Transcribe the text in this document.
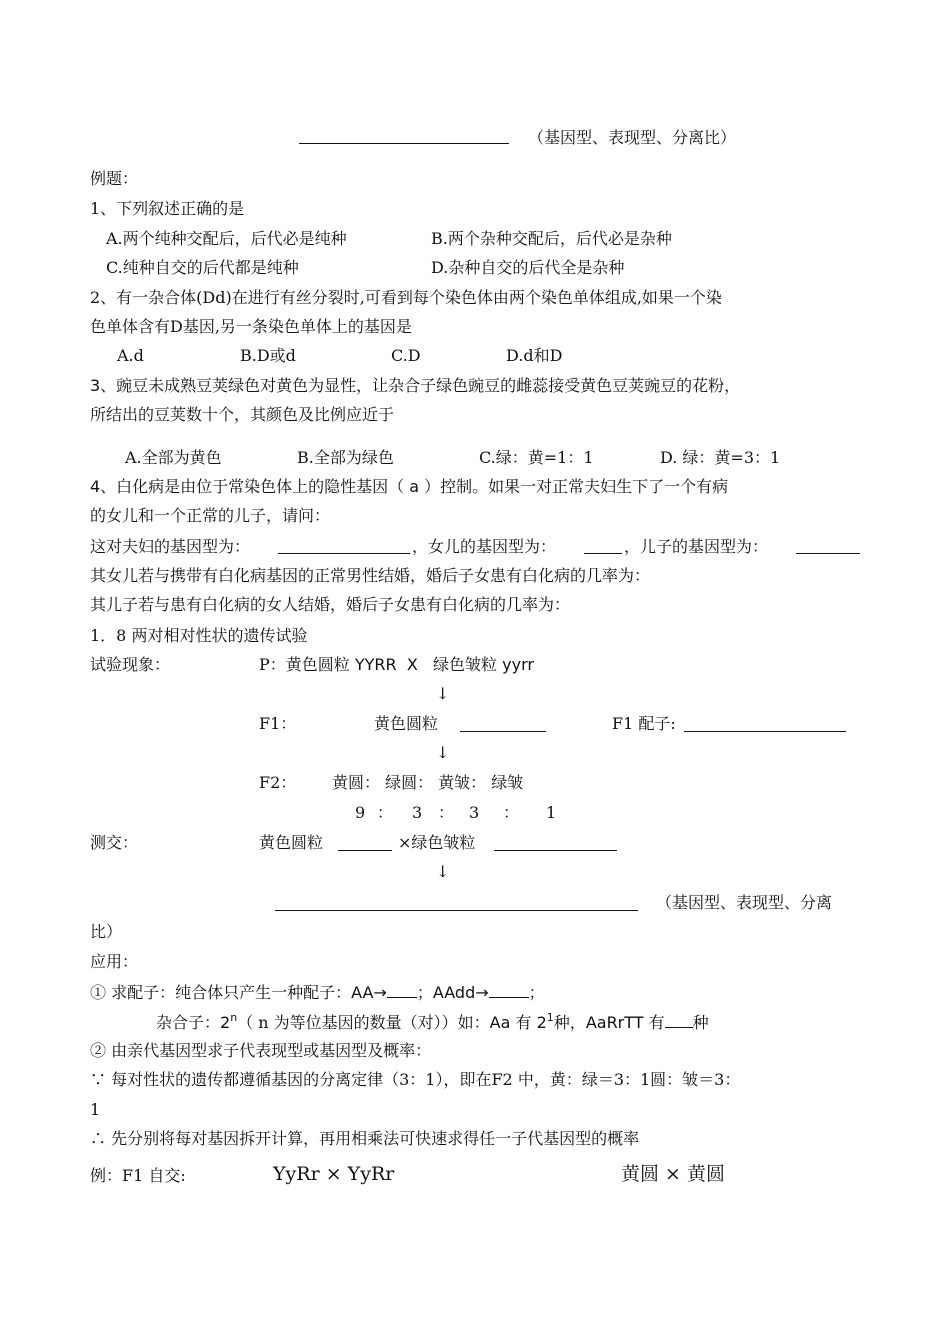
（基因型、表现型、分离比）
例题：
1、下列叙述正确的是
A.两个纯种交配后，后代必是纯种	B.两个杂种交配后，后代必是杂种
C.纯种自交的后代都是纯种	D.杂种自交的后代全是杂种
2、有一杂合体(Dd)在进行有丝分裂时,可看到每个染色体由两个染色单体组成,如果一个染
色单体含有D基因,另一条染色单体上的基因是
A.d	B.D或d	C.D	D.d和D
3、豌豆未成熟豆荚绿色对黄色为显性，让杂合子绿色豌豆的雌蕊接受黄色豆荚豌豆的花粉，
所结出的豆荚数十个，其颜色及比例应近于
A.全部为黄色	B.全部为绿色	C.绿：黄=1：1	D. 绿：黄=3：1
4、白化病是由位于常染色体上的隐性基因（ a ）控制。如果一对正常夫妇生下了一个有病
的女儿和一个正常的儿子，请问：
这对夫妇的基因型为：	，女儿的基因型为：	，儿子的基因型为：
其女儿若与携带有白化病基因的正常男性结婚，婚后子女患有白化病的几率为：
其儿子若与患有白化病的女人结婚，婚后子女患有白化病的几率为：
1．8 两对相对性状的遗传试验
试验现象：	P：黄色圆粒 YYRR X 绿色皱粒 yyrr
↓
F1：	黄色圆粒	F1 配子:
↓
F2： 黄圆： 绿圆： 黄皱： 绿皱
9 ： 3 ： 3 ： 1
测交：	黄色圆粒	×绿色皱粒
↓
（基因型、表现型、分离
比）
应用：
① 求配子：纯合体只产生一种配子：AA→ ；AAdd→	；
杂合子：2$^n$（ n 为等位基因的数量（对））如：Aa 有 $2^1$种，AaRrTT 有 种
② 由亲代基因型求子代表现型或基因型及概率：
∵ 每对性状的遗传都遵循基因的分离定律（3：1），即在F2 中，黄：绿＝3：1圆：皱＝3：
1
∴ 先分别将每对基因拆开计算，再用相乘法可快速求得任一子代基因型的概率
例：F1 自交:	YyRr × YyRr	黄圆 × 黄圆
